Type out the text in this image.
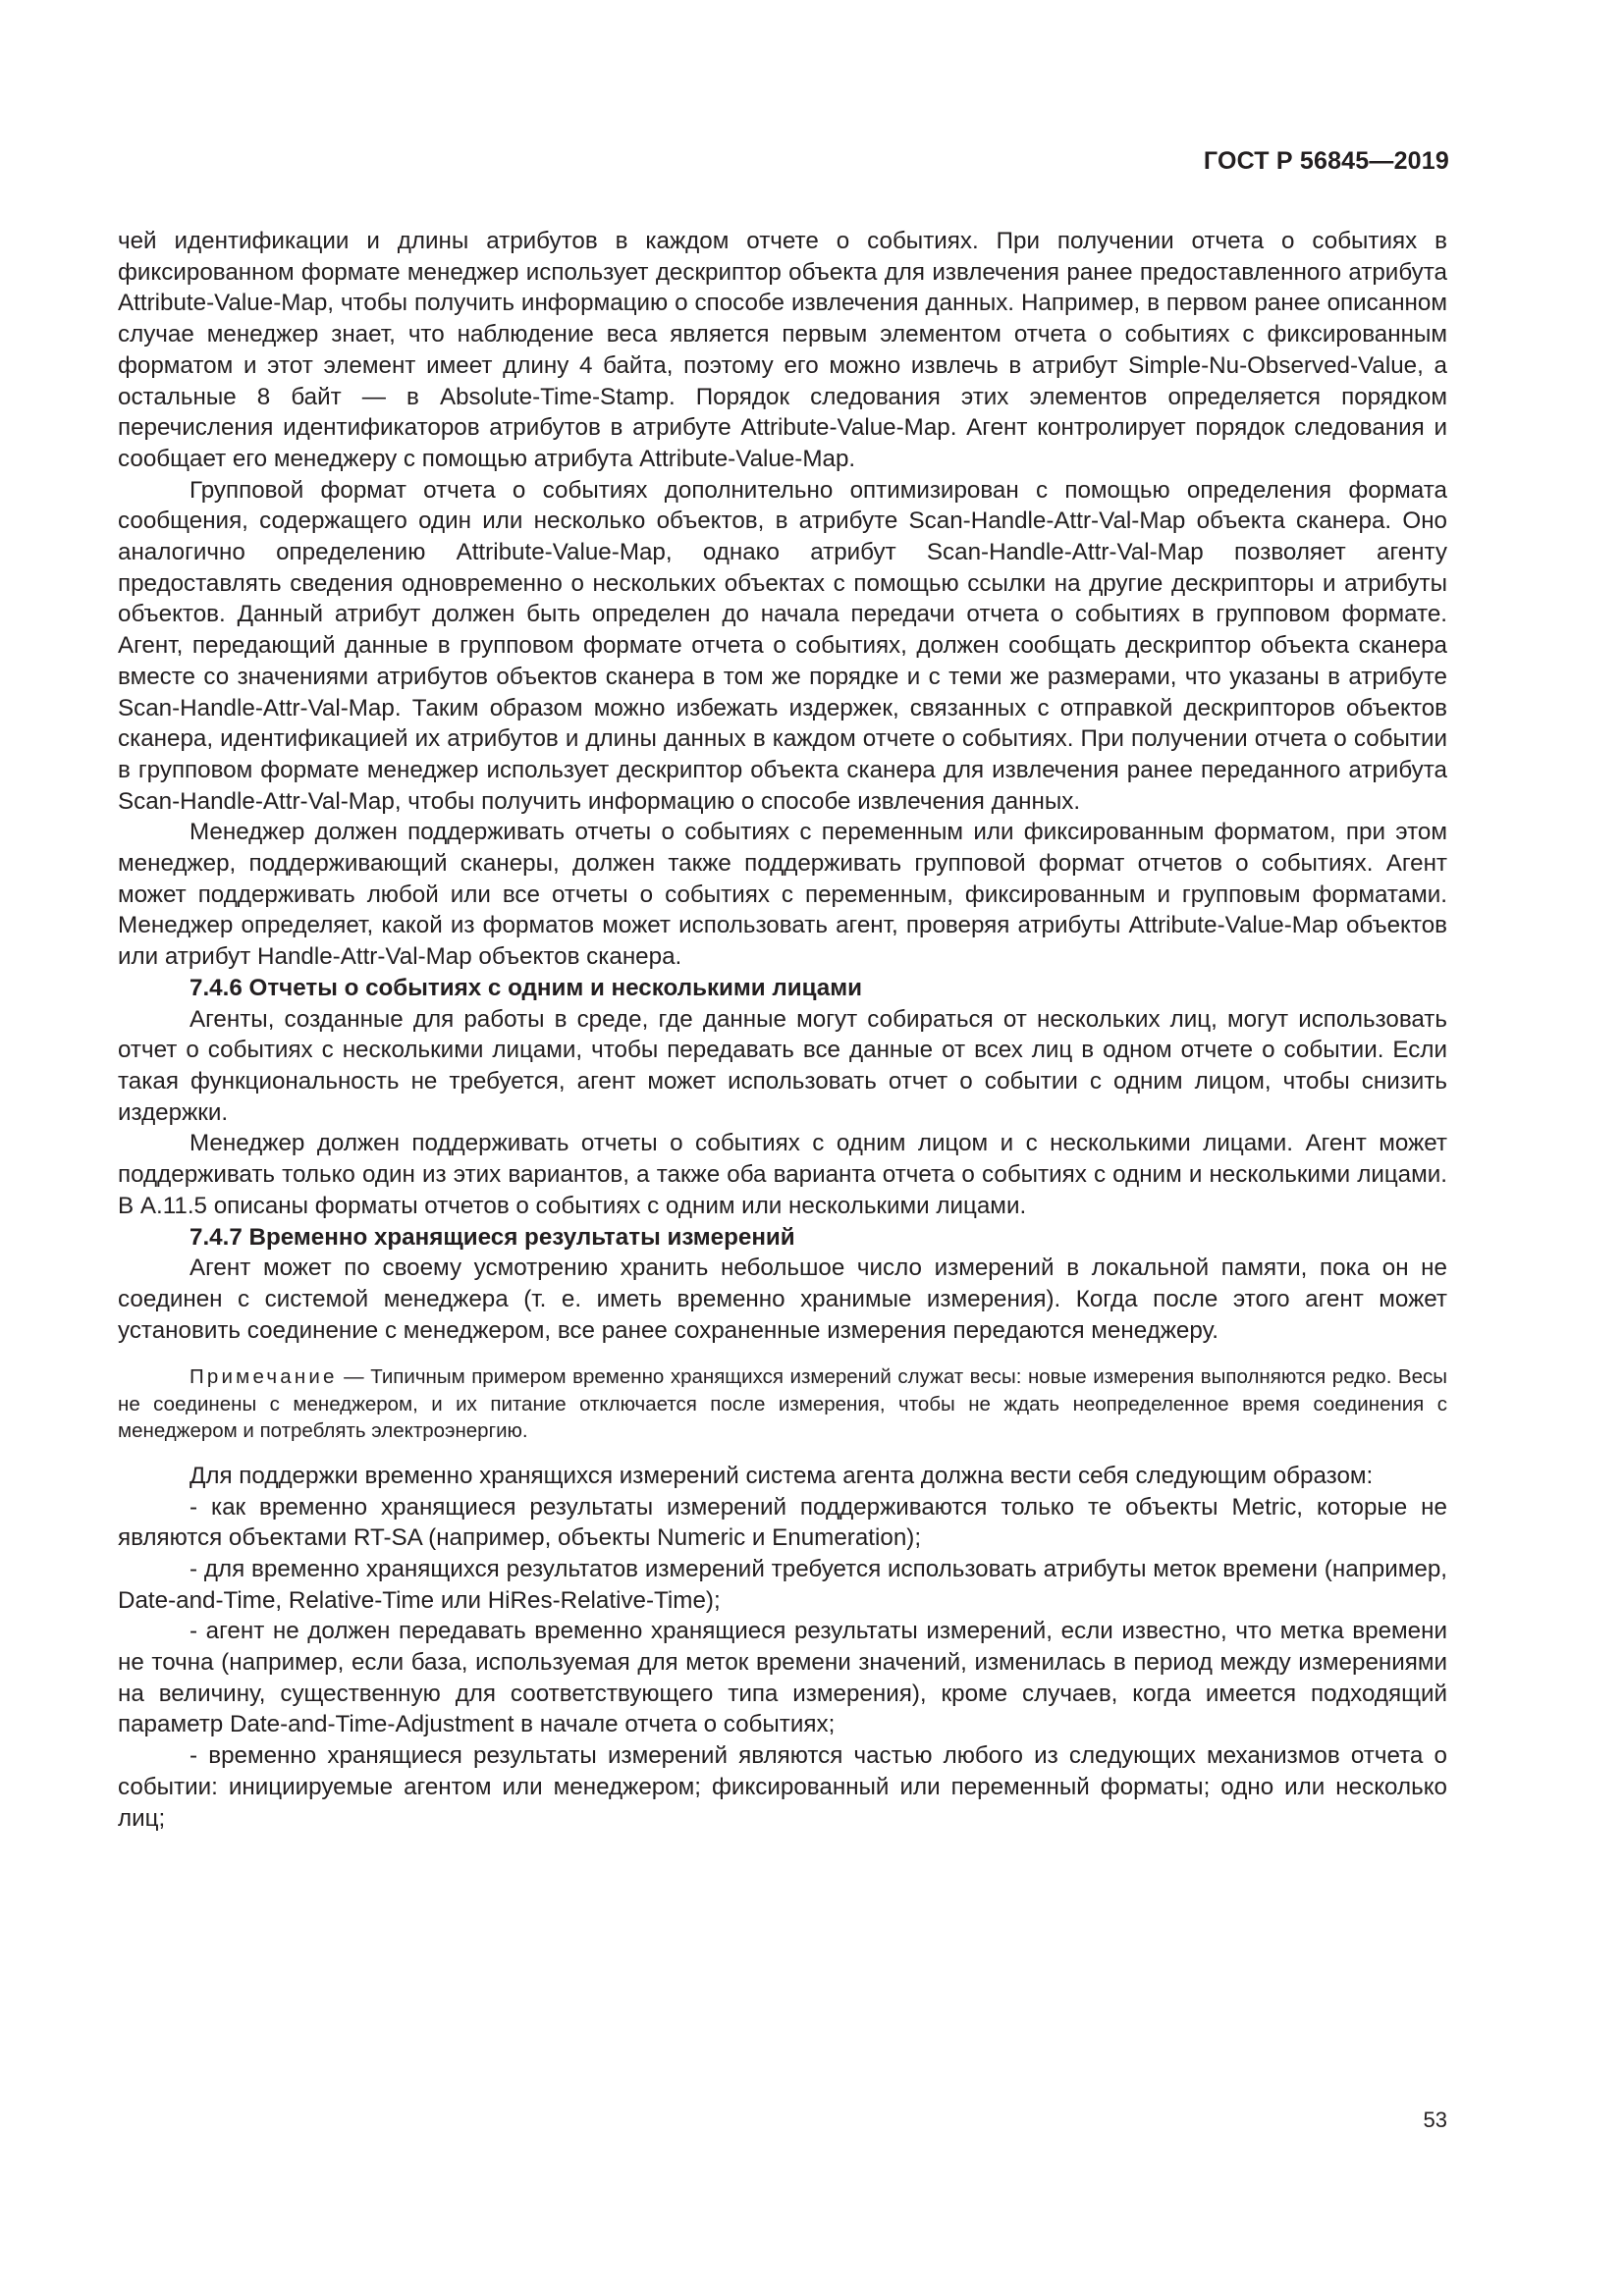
ГОСТ Р 56845—2019

чей идентификации и длины атрибутов в каждом отчете о событиях. При получении отчета о событиях в фиксированном формате менеджер использует дескриптор объекта для извлечения ранее предоставленного атрибута Attribute-Value-Map, чтобы получить информацию о способе извлечения данных. Например, в первом ранее описанном случае менеджер знает, что наблюдение веса является первым элементом отчета о событиях с фиксированным форматом и этот элемент имеет длину 4 байта, поэтому его можно извлечь в атрибут Simple-Nu-Observed-Value, а остальные 8 байт — в Absolute-Time-Stamp. Порядок следования этих элементов определяется порядком перечисления идентификаторов атрибутов в атрибуте Attribute-Value-Map. Агент контролирует порядок следования и сообщает его менеджеру с помощью атрибута Attribute-Value-Map.

Групповой формат отчета о событиях дополнительно оптимизирован с помощью определения формата сообщения, содержащего один или несколько объектов, в атрибуте Scan-Handle-Attr-Val-Map объекта сканера. Оно аналогично определению Attribute-Value-Map, однако атрибут Scan-Handle-Attr-Val-Map позволяет агенту предоставлять сведения одновременно о нескольких объектах с помощью ссылки на другие дескрипторы и атрибуты объектов. Данный атрибут должен быть определен до начала передачи отчета о событиях в групповом формате. Агент, передающий данные в групповом формате отчета о событиях, должен сообщать дескриптор объекта сканера вместе со значениями атрибутов объектов сканера в том же порядке и с теми же размерами, что указаны в атрибуте Scan-Handle-Attr-Val-Map. Таким образом можно избежать издержек, связанных с отправкой дескрипторов объектов сканера, идентификацией их атрибутов и длины данных в каждом отчете о событиях. При получении отчета о событии в групповом формате менеджер использует дескриптор объекта сканера для извлечения ранее переданного атрибута Scan-Handle-Attr-Val-Map, чтобы получить информацию о способе извлечения данных.

Менеджер должен поддерживать отчеты о событиях с переменным или фиксированным форматом, при этом менеджер, поддерживающий сканеры, должен также поддерживать групповой формат отчетов о событиях. Агент может поддерживать любой или все отчеты о событиях с переменным, фиксированным и групповым форматами. Менеджер определяет, какой из форматов может использовать агент, проверяя атрибуты Attribute-Value-Map объектов или атрибут Handle-Attr-Val-Map объектов сканера.

7.4.6 Отчеты о событиях с одним и несколькими лицами

Агенты, созданные для работы в среде, где данные могут собираться от нескольких лиц, могут использовать отчет о событиях с несколькими лицами, чтобы передавать все данные от всех лиц в одном отчете о событии. Если такая функциональность не требуется, агент может использовать отчет о событии с одним лицом, чтобы снизить издержки.

Менеджер должен поддерживать отчеты о событиях с одним лицом и с несколькими лицами. Агент может поддерживать только один из этих вариантов, а также оба варианта отчета о событиях с одним и несколькими лицами. В А.11.5 описаны форматы отчетов о событиях с одним или несколькими лицами.

7.4.7 Временно хранящиеся результаты измерений

Агент может по своему усмотрению хранить небольшое число измерений в локальной памяти, пока он не соединен с системой менеджера (т. е. иметь временно хранимые измерения). Когда после этого агент может установить соединение с менеджером, все ранее сохраненные измерения передаются менеджеру.

Примечание — Типичным примером временно хранящихся измерений служат весы: новые измерения выполняются редко. Весы не соединены с менеджером, и их питание отключается после измерения, чтобы не ждать неопределенное время соединения с менеджером и потреблять электроэнергию.

Для поддержки временно хранящихся измерений система агента должна вести себя следующим образом:

- как временно хранящиеся результаты измерений поддерживаются только те объекты Metric, которые не являются объектами RT-SA (например, объекты Numeric и Enumeration);

- для временно хранящихся результатов измерений требуется использовать атрибуты меток времени (например, Date-and-Time, Relative-Time или HiRes-Relative-Time);

- агент не должен передавать временно хранящиеся результаты измерений, если известно, что метка времени не точна (например, если база, используемая для меток времени значений, изменилась в период между измерениями на величину, существенную для соответствующего типа измерения), кроме случаев, когда имеется подходящий параметр Date-and-Time-Adjustment в начале отчета о событиях;

- временно хранящиеся результаты измерений являются частью любого из следующих механизмов отчета о событии: инициируемые агентом или менеджером; фиксированный или переменный форматы; одно или несколько лиц;

53
